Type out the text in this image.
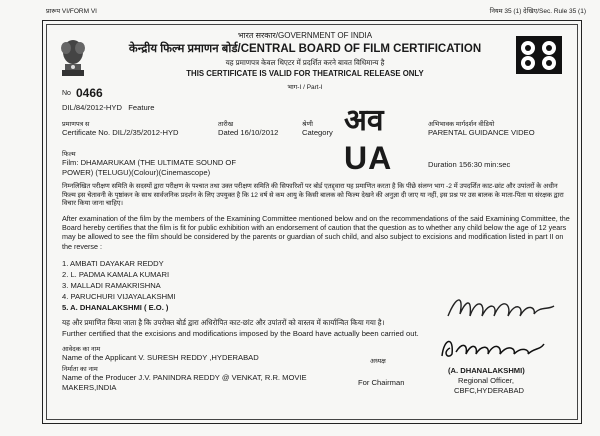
प्रारूप VI/FORM VI	नियम 35 (1) देखिए/Sec. Rule 35 (1)
भारत सरकार/GOVERNMENT OF INDIA
केन्द्रीय फिल्म प्रमाणन बोर्ड/CENTRAL BOARD OF FILM CERTIFICATION
यह प्रमाणपत्र केवल थिएटर में प्रदर्शित करने बावत विधिमान्य है
THIS CERTIFICATE IS VALID FOR THEATRICAL RELEASE ONLY
भाग-I / Part-I
No 0466
DIL/84/2012-HYD Feature
प्रमाणपत्र स
Certificate No. DIL/2/35/2012-HYD
तारीख
Dated 16/10/2012
श्रेणी
Category अव
UA
अभिभावक मार्गदर्शन वीडियो
PARENTAL GUIDANCE VIDEO
फिल्म
Film: DHAMARUKAM (THE ULTIMATE SOUND OF
POWER) (TELUGU)(Colour)(Cinemascope)
Duration 156:30 min:sec
निम्नलिखित परीक्षण समिति के सदस्यों द्वारा परीक्षण के पश्चात तथा उक्त परीक्षण समिति की सिफारिशों पर बोर्ड एतद्द्वारा यह प्रमाणित करता है कि पीछे संलग्न भाग -2 में उपदर्शित काट-छांट और उपांतरों के अधीन फिल्म इस चेतावनी के पृष्ठांकन के साथ सार्वजनिक प्रदर्शन के लिए उपयुक्त है कि 12 वर्ष से कम आयु के किसी बालक को फिल्म देखने की अनुज्ञा दी जाए या नहीं, इस प्रश्न पर उस बालक के माता-पिता या संरक्षक द्वारा विचार किया जाना चाहिए।
After examination of the film by the members of the Examining Committee mentioned below and on the recommendations of the said Examining Committee, the Board hereby certifies that the film is fit for public exhibition with an endorsement of caution that the question as to whether any child below the age of 12 years may be allowed to see the film should be considered by the parents or guardian of such child, and also subject to excisions and modification listed in part II on the reverse :
1. AMBATI DAYAKAR REDDY
2. L. PADMA KAMALA KUMARI
3. MALLADI RAMAKRISHNA
4. PARUCHURI VIJAYALAKSHMI
5. A. DHANALAKSHMI ( E.O. )
यह और प्रमाणित किया जाता है कि उपरोक्त बोर्ड द्वारा अधिरोपित काट-छांट और उपांतरों को वास्तव में कार्यान्वित किया गया है।
Further certified that the excisions and modifications imposed by the Board have actually been carried out.
आवेदक का नाम
Name of the Applicant V. SURESH REDDY ,HYDERABAD
निर्माता का नाम
Name of the Producer J.V. PANINDRA REDDY @ VENKAT, R.R. MOVIE
MAKERS,INDIA
अध्यक्ष
For Chairman
(A. DHANALAKSHMI)
Regional Officer,
CBFC,HYDERABAD
